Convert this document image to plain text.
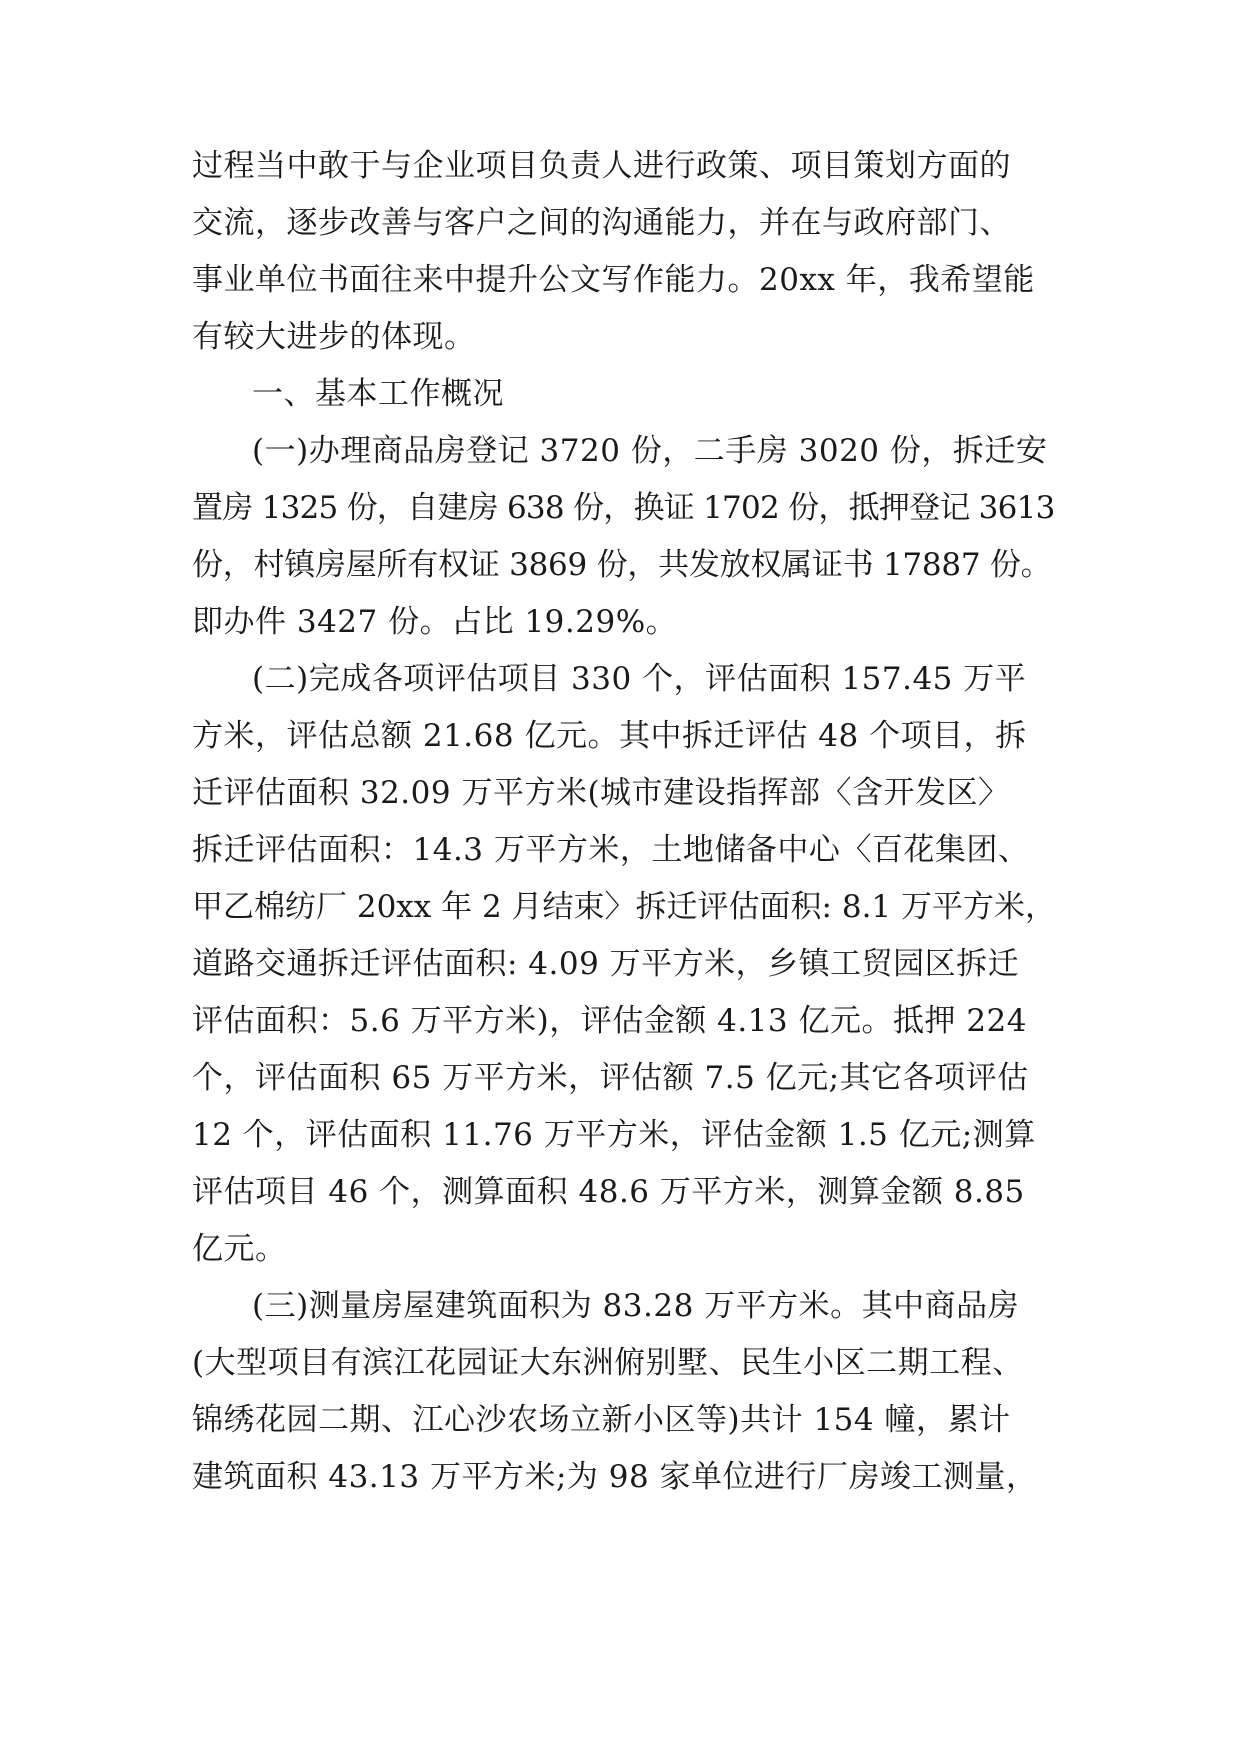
过程当中敢于与企业项目负责人进行政策、项目策划方面的
交流，逐步改善与客户之间的沟通能力，并在与政府部门、
事业单位书面往来中提升公文写作能力。20xx 年，我希望能
有较大进步的体现。
一、基本工作概况
(一)办理商品房登记 3720 份，二手房 3020 份，拆迁安
置房 1325 份，自建房 638 份，换证 1702 份，抵押登记 3613
份，村镇房屋所有权证 3869 份，共发放权属证书 17887 份。
即办件 3427 份。占比 19.29%。
(二)完成各项评估项目 330 个，评估面积 157.45 万平
方米，评估总额 21.68 亿元。其中拆迁评估 48 个项目，拆
迁评估面积 32.09 万平方米(城市建设指挥部〈含开发区〉
拆迁评估面积：14.3 万平方米，土地储备中心〈百花集团、
甲乙棉纺厂 20xx 年 2 月结束〉拆迁评估面积: 8.1 万平方米，
道路交通拆迁评估面积: 4.09 万平方米，乡镇工贸园区拆迁
评估面积：5.6 万平方米)，评估金额 4.13 亿元。抵押 224
个，评估面积 65 万平方米，评估额 7.5 亿元;其它各项评估
12 个，评估面积 11.76 万平方米，评估金额 1.5 亿元;测算
评估项目 46 个，测算面积 48.6 万平方米，测算金额 8.85
亿元。
(三)测量房屋建筑面积为 83.28 万平方米。其中商品房
(大型项目有滨江花园证大东洲俯别墅、民生小区二期工程、
锦绣花园二期、江心沙农场立新小区等)共计 154 幢，累计
建筑面积 43.13 万平方米;为 98 家单位进行厂房竣工测量，
